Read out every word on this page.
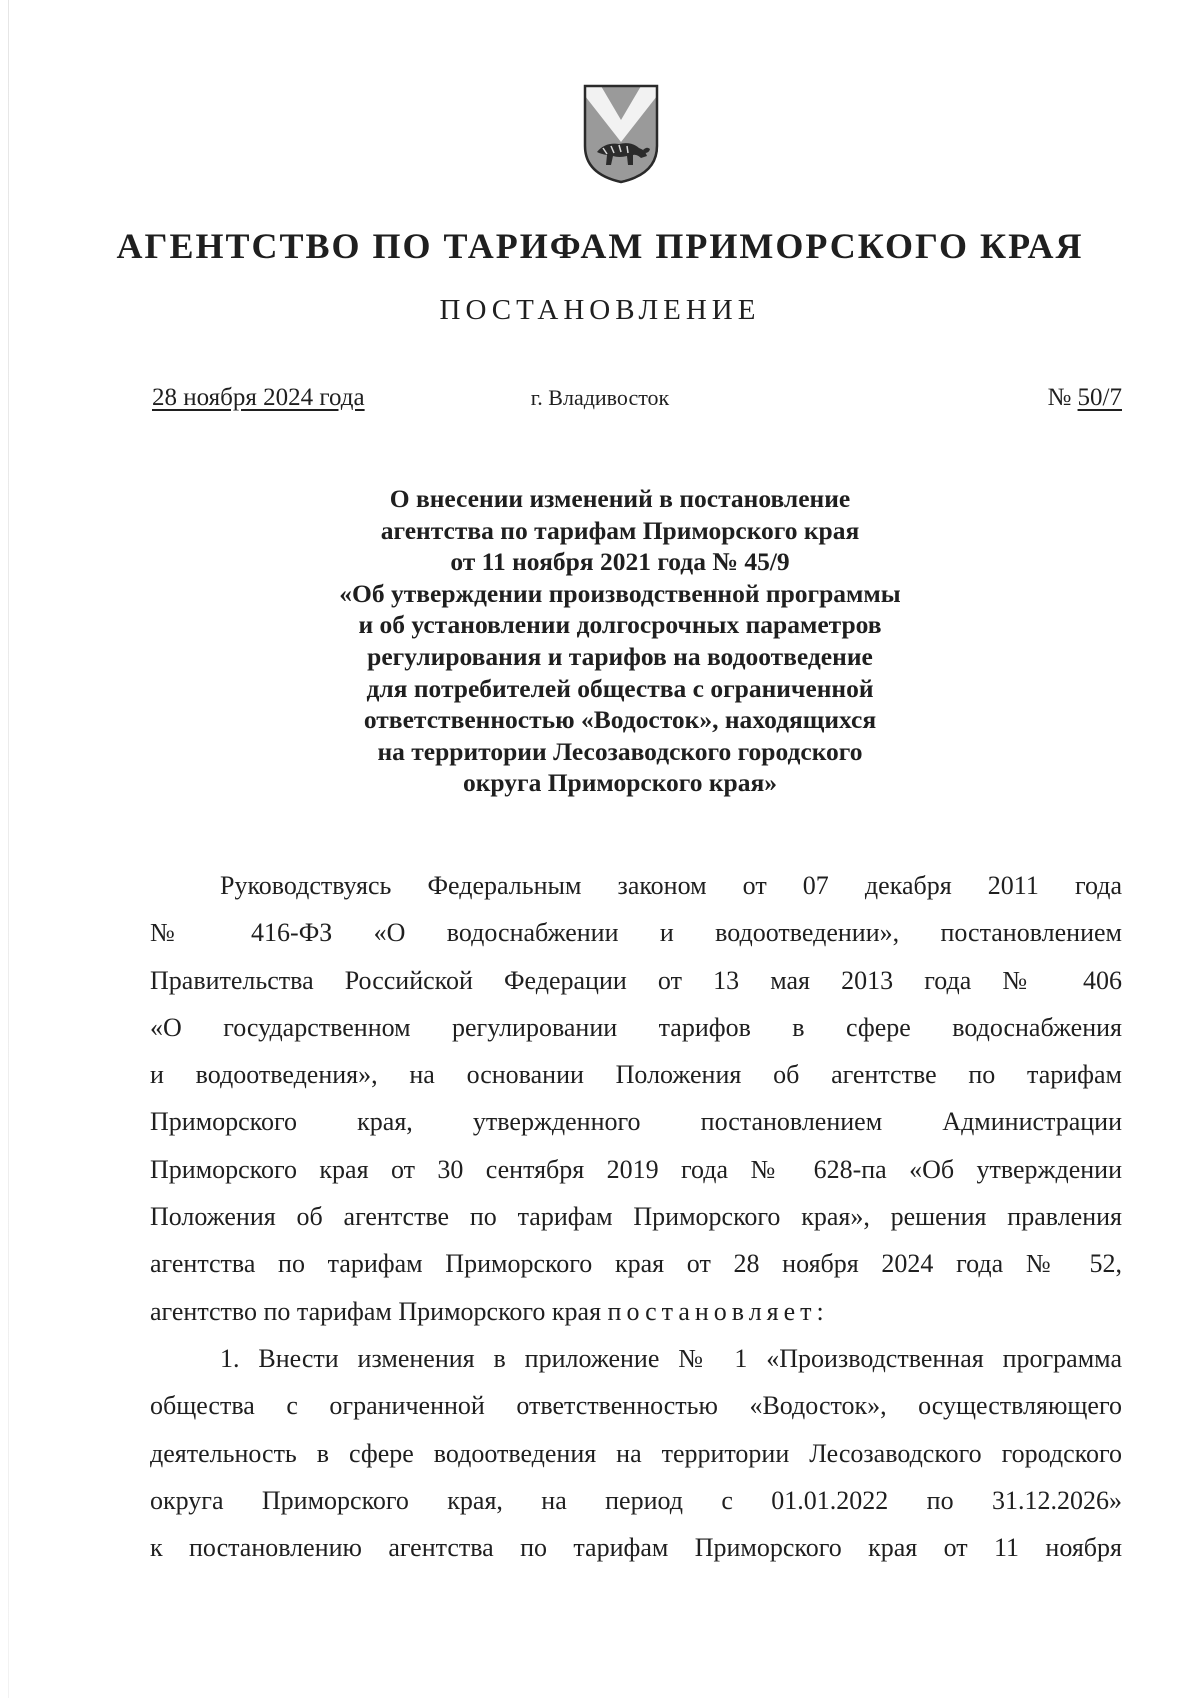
АГЕНТСТВО ПО ТАРИФАМ ПРИМОРСКОГО КРАЯ
ПОСТАНОВЛЕНИЕ
28 ноября 2024 года	г. Владивосток	№ 50/7
О внесении изменений в постановление
агентства по тарифам Приморского края
от 11 ноября 2021 года № 45/9
«Об утверждении производственной программы
и об установлении долгосрочных параметров
регулирования и тарифов на водоотведение
для потребителей общества с ограниченной
ответственностью «Водосток», находящихся
на территории Лесозаводского городского
округа Приморского края»
Руководствуясь Федеральным законом от 07 декабря 2011 года
№ 416-ФЗ «О водоснабжении и водоотведении», постановлением
Правительства Российской Федерации от 13 мая 2013 года № 406
«О государственном регулировании тарифов в сфере водоснабжения
и водоотведения», на основании Положения об агентстве по тарифам
Приморского края, утвержденного постановлением Администрации
Приморского края от 30 сентября 2019 года № 628-па «Об утверждении
Положения об агентстве по тарифам Приморского края», решения правления
агентства по тарифам Приморского края от 28 ноября 2024 года № 52,
агентство по тарифам Приморского края постановляет:
1. Внести изменения в приложение № 1 «Производственная программа
общества с ограниченной ответственностью «Водосток», осуществляющего
деятельность в сфере водоотведения на территории Лесозаводского городского
округа Приморского края, на период с 01.01.2022 по 31.12.2026»
к постановлению агентства по тарифам Приморского края от 11 ноября
